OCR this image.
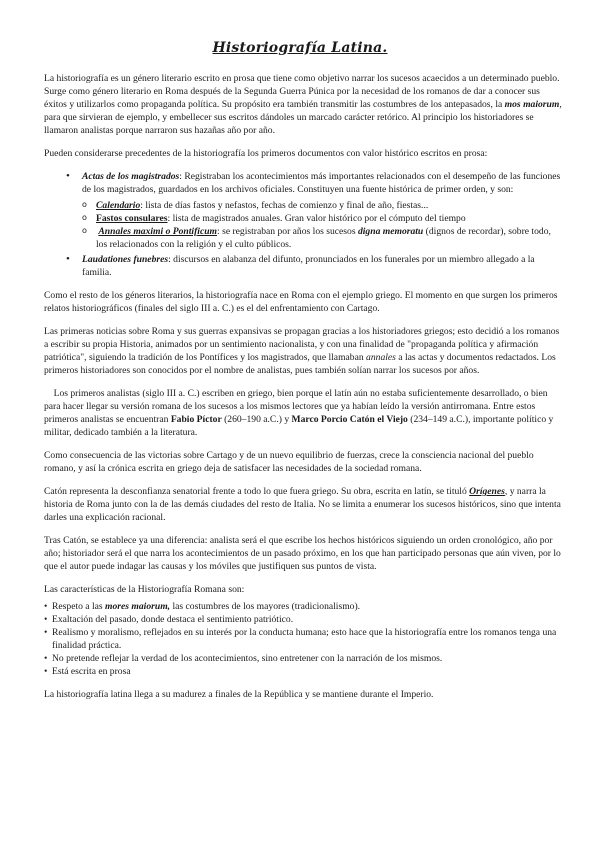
Historiografía Latina.

La historiografía es un género literario escrito en prosa que tiene como objetivo narrar los sucesos acaecidos a un determinado pueblo. Surge como género literario en Roma después de la Segunda Guerra Púnica por la necesidad de los romanos de dar a conocer sus éxitos y utilizarlos como propaganda política. Su propósito era también transmitir las costumbres de los antepasados, la mos maiorum, para que sirvieran de ejemplo, y embellecer sus escritos dándoles un marcado carácter retórico. Al principio los historiadores se llamaron analistas porque narraron sus hazañas año por año.

Pueden considerarse precedentes de la historiografía los primeros documentos con valor histórico escritos en prosa:

• Actas de los magistrados: Registraban los acontecimientos más importantes relacionados con el desempeño de las funciones de los magistrados, guardados en los archivos oficiales. Constituyen una fuente histórica de primer orden, y son:
o Calendario: lista de días fastos y nefastos, fechas de comienzo y final de año, fiestas...
o Fastos consulares: lista de magistrados anuales. Gran valor histórico por el cómputo del tiempo
o Annales maximi o Pontificum: se registraban por años los sucesos digna memoratu (dignos de recordar), sobre todo, los relacionados con la religión y el culto públicos.
• Laudationes funebres: discursos en alabanza del difunto, pronunciados en los funerales por un miembro allegado a la familia.

Como el resto de los géneros literarios, la historiografía nace en Roma con el ejemplo griego. El momento en que surgen los primeros relatos historiográficos (finales del siglo III a. C.) es el del enfrentamiento con Cartago.

Las primeras noticias sobre Roma y sus guerras expansivas se propagan gracias a los historiadores griegos; esto decidió a los romanos a escribir su propia Historia, animados por un sentimiento nacionalista, y con una finalidad de "propaganda política y afirmación patriótica", siguiendo la tradición de los Pontífices y los magistrados, que llamaban annales a las actas y documentos redactados. Los primeros historiadores son conocidos por el nombre de analistas, pues también solían narrar los sucesos por años.

Los primeros analistas (siglo III a. C.) escriben en griego, bien porque el latín aún no estaba suficientemente desarrollado, o bien para hacer llegar su versión romana de los sucesos a los mismos lectores que ya habían leído la versión antirromana. Entre estos primeros analistas se encuentran Fabio Píctor (260–190 a.C.) y Marco Porcio Catón el Viejo (234–149 a.C.), importante político y militar, dedicado también a la literatura.

Como consecuencia de las victorias sobre Cartago y de un nuevo equilibrio de fuerzas, crece la consciencia nacional del pueblo romano, y así la crónica escrita en griego deja de satisfacer las necesidades de la sociedad romana.

Catón representa la desconfianza senatorial frente a todo lo que fuera griego. Su obra, escrita en latín, se tituló Orígenes, y narra la historia de Roma junto con la de las demás ciudades del resto de Italia. No se limita a enumerar los sucesos históricos, sino que intenta darles una explicación racional.

Tras Catón, se establece ya una diferencia: analista será el que escribe los hechos históricos siguiendo un orden cronológico, año por año; historiador será el que narra los acontecimientos de un pasado próximo, en los que han participado personas que aún viven, por lo que el autor puede indagar las causas y los móviles que justifiquen sus puntos de vista.

Las características de la Historiografía Romana son:

• Respeto a las mores maiorum, las costumbres de los mayores (tradicionalismo).
• Exaltación del pasado, donde destaca el sentimiento patriótico.
• Realismo y moralismo, reflejados en su interés por la conducta humana; esto hace que la historiografía entre los romanos tenga una finalidad práctica.
• No pretende reflejar la verdad de los acontecimientos, sino entretener con la narración de los mismos.
• Está escrita en prosa

La historiografía latina llega a su madurez a finales de la República y se mantiene durante el Imperio.
